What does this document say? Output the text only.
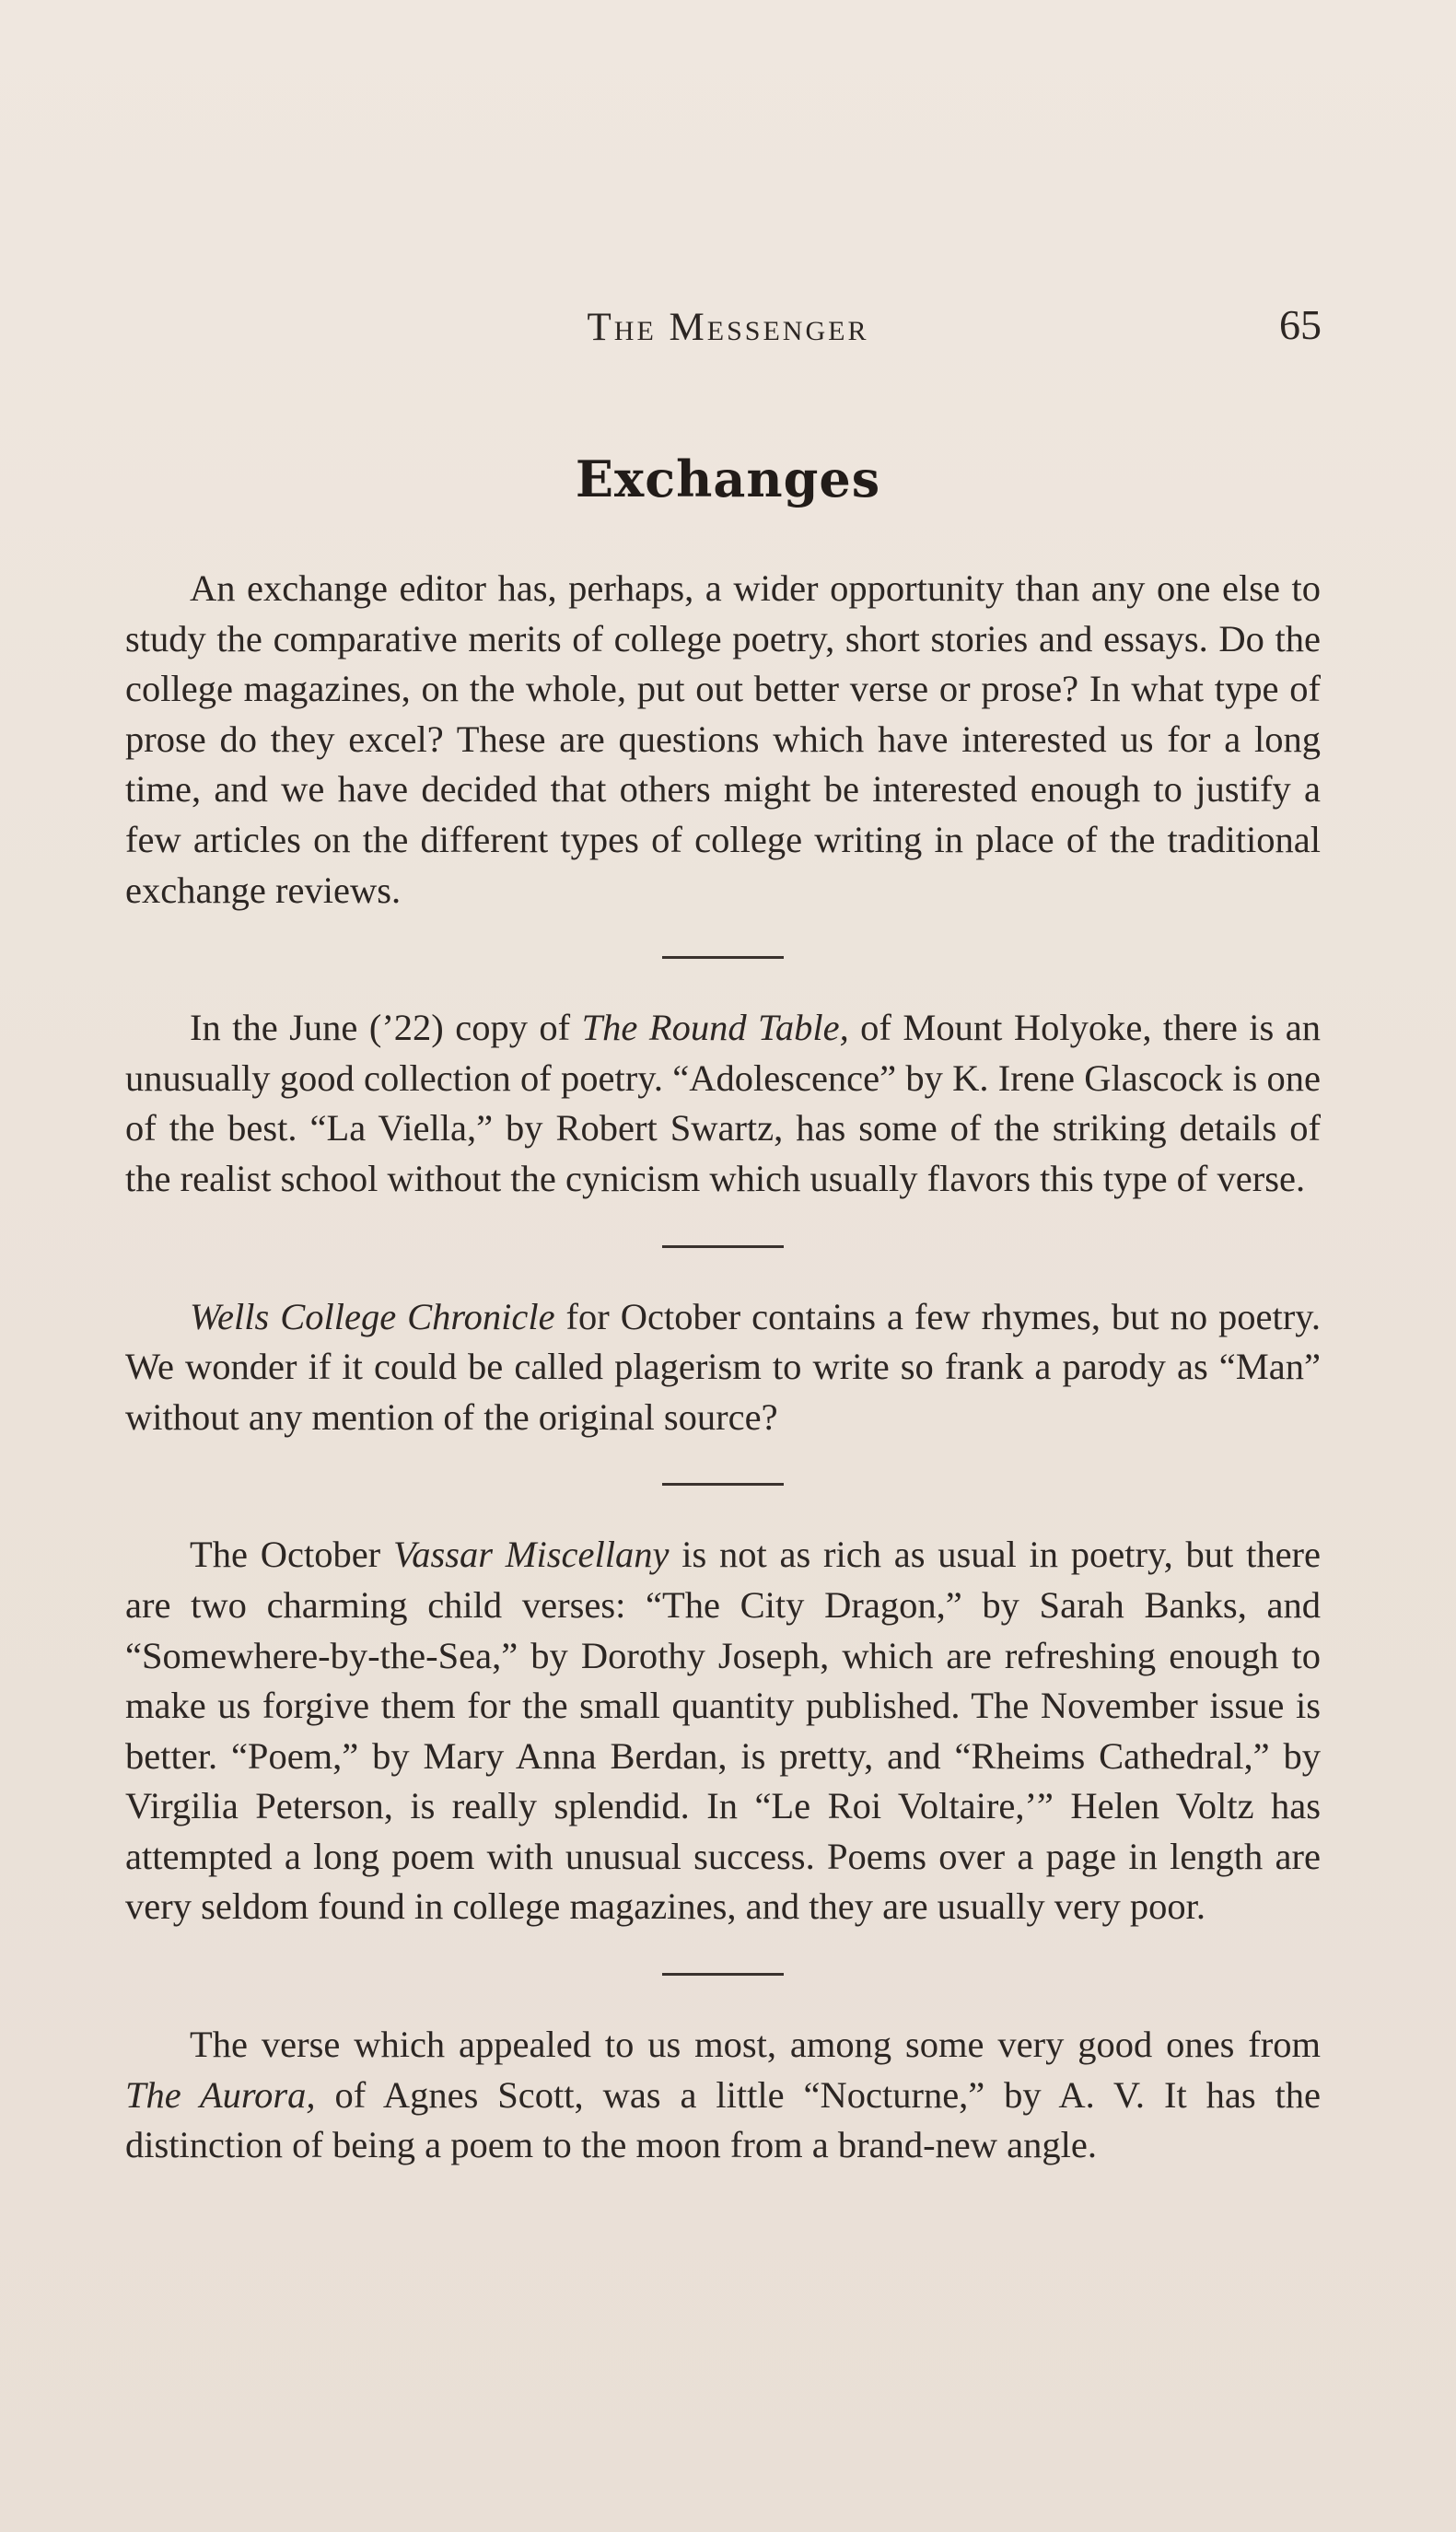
The Messenger	65
Exchanges

An exchange editor has, perhaps, a wider opportunity than any one else to study the comparative merits of college poetry, short stories and essays. Do the college magazines, on the whole, put out better verse or prose? In what type of prose do they excel? These are questions which have interested us for a long time, and we have decided that others might be interested enough to justify a few articles on the different types of college writing in place of the traditional exchange reviews.

In the June (’22) copy of The Round Table, of Mount Holyoke, there is an unusually good collection of poetry. “Adolescence” by K. Irene Glascock is one of the best. “La Viella,” by Robert Swartz, has some of the striking details of the realist school without the cynicism which usually flavors this type of verse.

Wells College Chronicle for October contains a few rhymes, but no poetry. We wonder if it could be called plagerism to write so frank a parody as “Man” without any mention of the original source?

The October Vassar Miscellany is not as rich as usual in poetry, but there are two charming child verses: “The City Dragon,” by Sarah Banks, and “Somewhere-by-the-Sea,” by Dorothy Joseph, which are refreshing enough to make us forgive them for the small quantity published. The November issue is better. “Poem,” by Mary Anna Berdan, is pretty, and “Rheims Cathedral,” by Virgilia Peterson, is really splendid. In “Le Roi Voltaire,’” Helen Voltz has attempted a long poem with unusual success. Poems over a page in length are very seldom found in college magazines, and they are usually very poor.

The verse which appealed to us most, among some very good ones from The Aurora, of Agnes Scott, was a little “Nocturne,” by A. V. It has the distinction of being a poem to the moon from a brand-new angle.
